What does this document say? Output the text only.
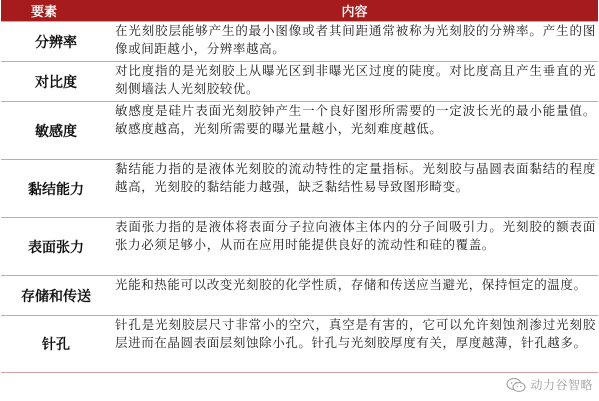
要素	内容
分辨率	在光刻胶层能够产生的最小图像或者其间距通常被称为光刻胶的分辨率。产生的图像或间距越小，分辨率越高。
对比度	对比度指的是光刻胶上从曝光区到非曝光区过度的陡度。对比度高且产生垂直的光刻侧墙法人光刻胶较优。
敏感度	敏感度是硅片表面光刻胶钟产生一个良好图形所需要的一定波长光的最小能量值。敏感度越高，光刻所需要的曝光量越小，光刻难度越低。
黏结能力	黏结能力指的是液体光刻胶的流动特性的定量指标。光刻胶与晶圆表面黏结的程度越高，光刻胶的黏结能力越强，缺乏黏结性易导致图形畸变。
表面张力	表面张力指的是液体将表面分子拉向液体主体内的分子间吸引力。光刻胶的额表面张力必须足够小，从而在应用时能提供良好的流动性和硅的覆盖。
存储和传送	光能和热能可以改变光刻胶的化学性质，存储和传送应当避光，保持恒定的温度。
针孔	针孔是光刻胶层尺寸非常小的空穴，真空是有害的，它可以允许刻蚀剂渗过光刻胶层进而在晶圆表面层刻蚀除小孔。针孔与光刻胶厚度有关，厚度越薄，针孔越多。
动力谷智略
